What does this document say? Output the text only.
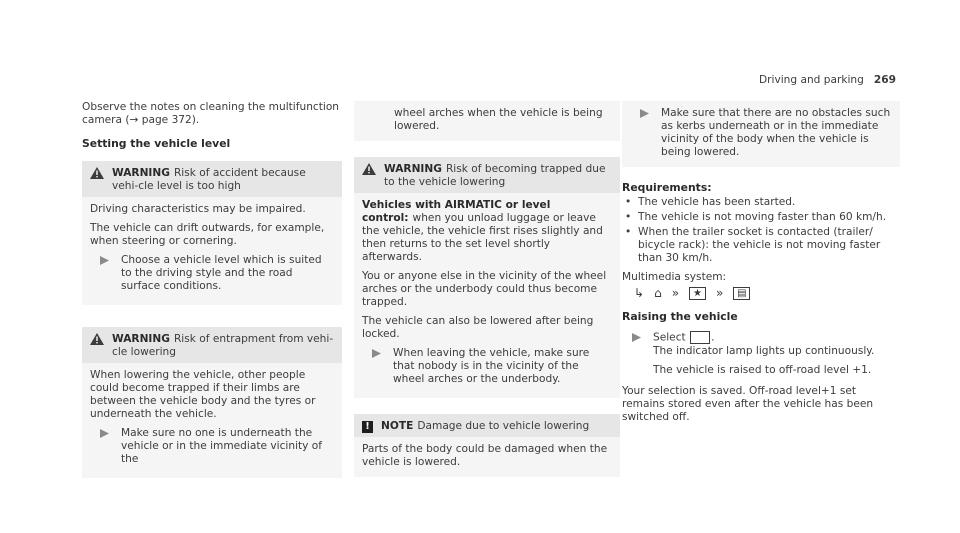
Driving and parking 269

Observe the notes on cleaning the multifunction camera (→ page 372).

Setting the vehicle level
WARNING Risk of accident because vehi-cle level is too high

Driving characteristics may be impaired.

The vehicle can drift outwards, for example, when steering or cornering.

Choose a vehicle level which is suited to the driving style and the road surface conditions.
WARNING Risk of entrapment from vehi-cle lowering

When lowering the vehicle, other people could become trapped if their limbs are between the vehicle body and the tyres or underneath the vehicle.

Make sure no one is underneath the vehicle or in the immediate vicinity of the
wheel arches when the vehicle is being lowered.
WARNING Risk of becoming trapped due to the vehicle lowering

Vehicles with AIRMATIC or level control: when you unload luggage or leave the vehicle, the vehicle first rises slightly and then returns to the set level shortly afterwards.

You or anyone else in the vicinity of the wheel arches or the underbody could thus become trapped.

The vehicle can also be lowered after being locked.

When leaving the vehicle, make sure that nobody is in the vicinity of the wheel arches or the underbody.
!	NOTE Damage due to vehicle lowering
Parts of the body could be damaged when the vehicle is lowered.
Make sure that there are no obstacles such as kerbs underneath or in the immediate vicinity of the body when the vehicle is being lowered.
Requirements:
• The vehicle has been started.
• The vehicle is not moving faster than 60 km/h.
• When the trailer socket is contacted (trailer/ bicycle rack): the vehicle is not moving faster than 30 km/h.

Multimedia system:

↳ ⌂ »	★	»	▤
Raising the vehicle
Select .
The indicator lamp lights up continuously.
The vehicle is raised to off-road level +1.

Your selection is saved. Off-road level+1 set remains stored even after the vehicle has been switched off.
